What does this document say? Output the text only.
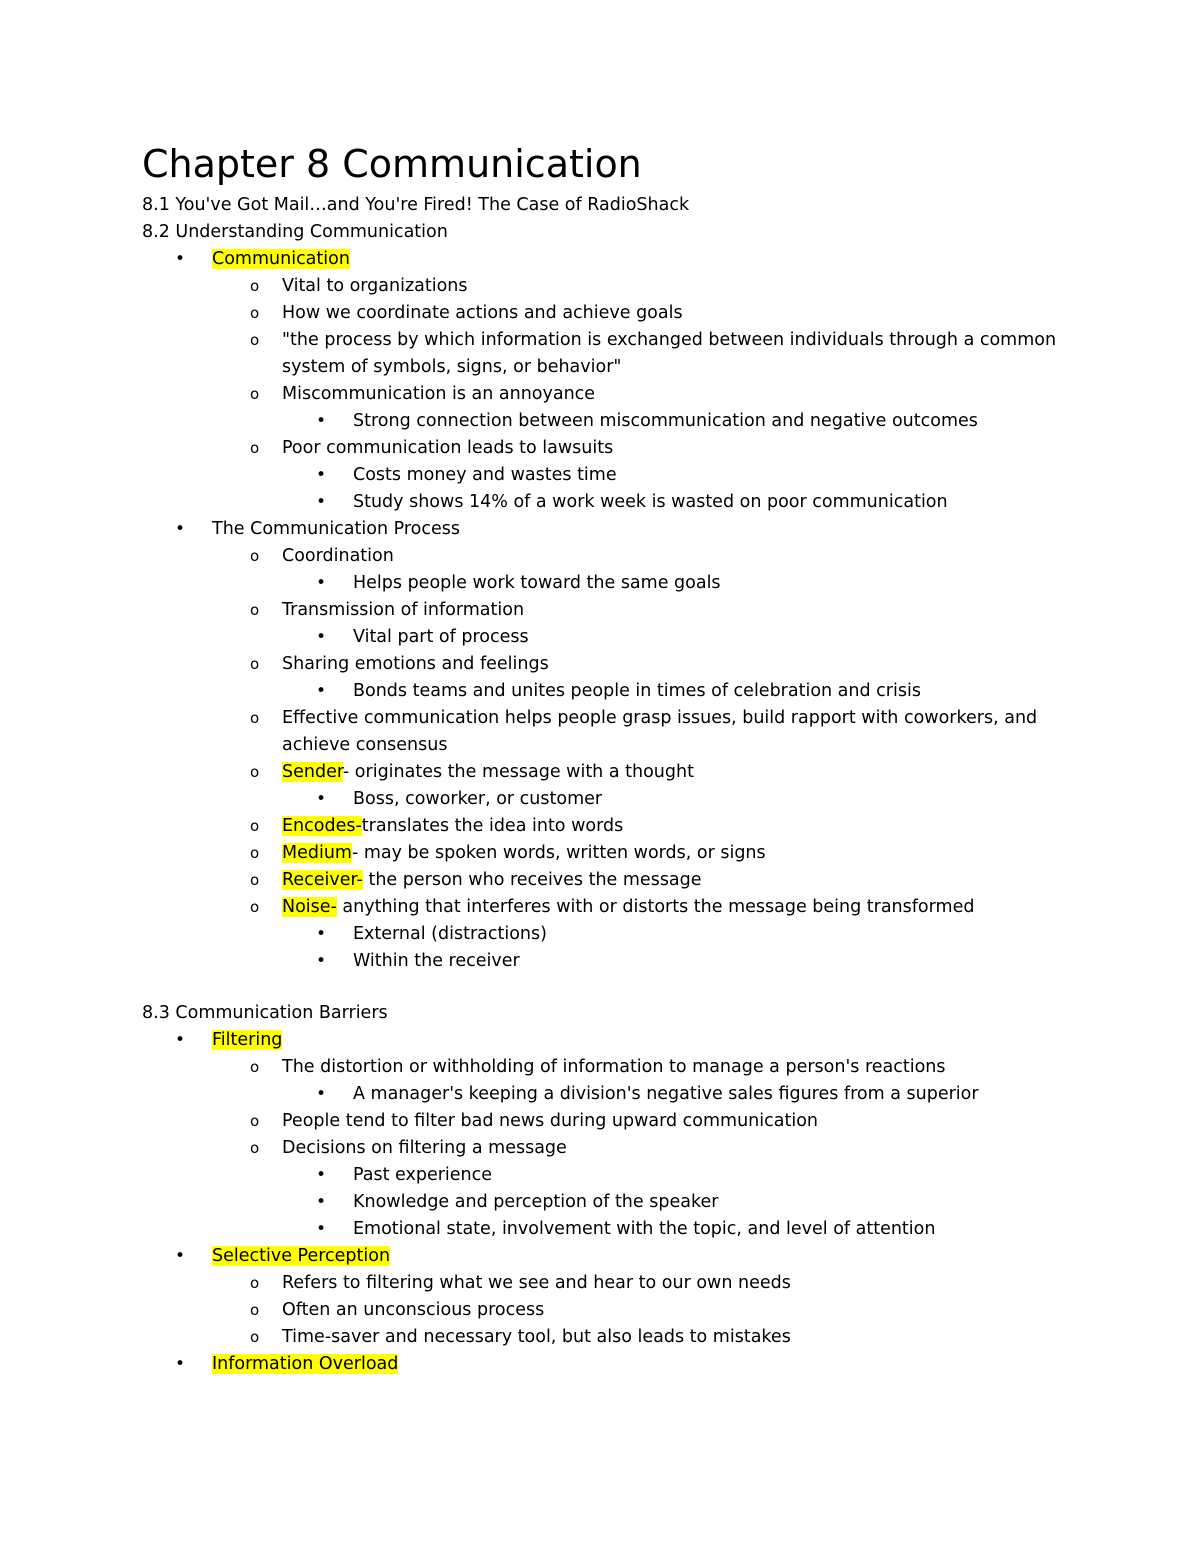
Chapter 8 Communication
8.1 You've Got Mail…and You're Fired! The Case of RadioShack
8.2 Understanding Communication
• Communication
o Vital to organizations
o How we coordinate actions and achieve goals
o "the process by which information is exchanged between individuals through a common system of symbols, signs, or behavior"
o Miscommunication is an annoyance
• Strong connection between miscommunication and negative outcomes
o Poor communication leads to lawsuits
• Costs money and wastes time
• Study shows 14% of a work week is wasted on poor communication
• The Communication Process
o Coordination
• Helps people work toward the same goals
o Transmission of information
• Vital part of process
o Sharing emotions and feelings
• Bonds teams and unites people in times of celebration and crisis
o Effective communication helps people grasp issues, build rapport with coworkers, and achieve consensus
o Sender- originates the message with a thought
• Boss, coworker, or customer
o Encodes-translates the idea into words
o Medium- may be spoken words, written words, or signs
o Receiver- the person who receives the message
o Noise- anything that interferes with or distorts the message being transformed
• External (distractions)
• Within the receiver
8.3 Communication Barriers
• Filtering
o The distortion or withholding of information to manage a person's reactions
• A manager's keeping a division's negative sales figures from a superior
o People tend to filter bad news during upward communication
o Decisions on filtering a message
• Past experience
• Knowledge and perception of the speaker
• Emotional state, involvement with the topic, and level of attention
• Selective Perception
o Refers to filtering what we see and hear to our own needs
o Often an unconscious process
o Time-saver and necessary tool, but also leads to mistakes
• Information Overload
